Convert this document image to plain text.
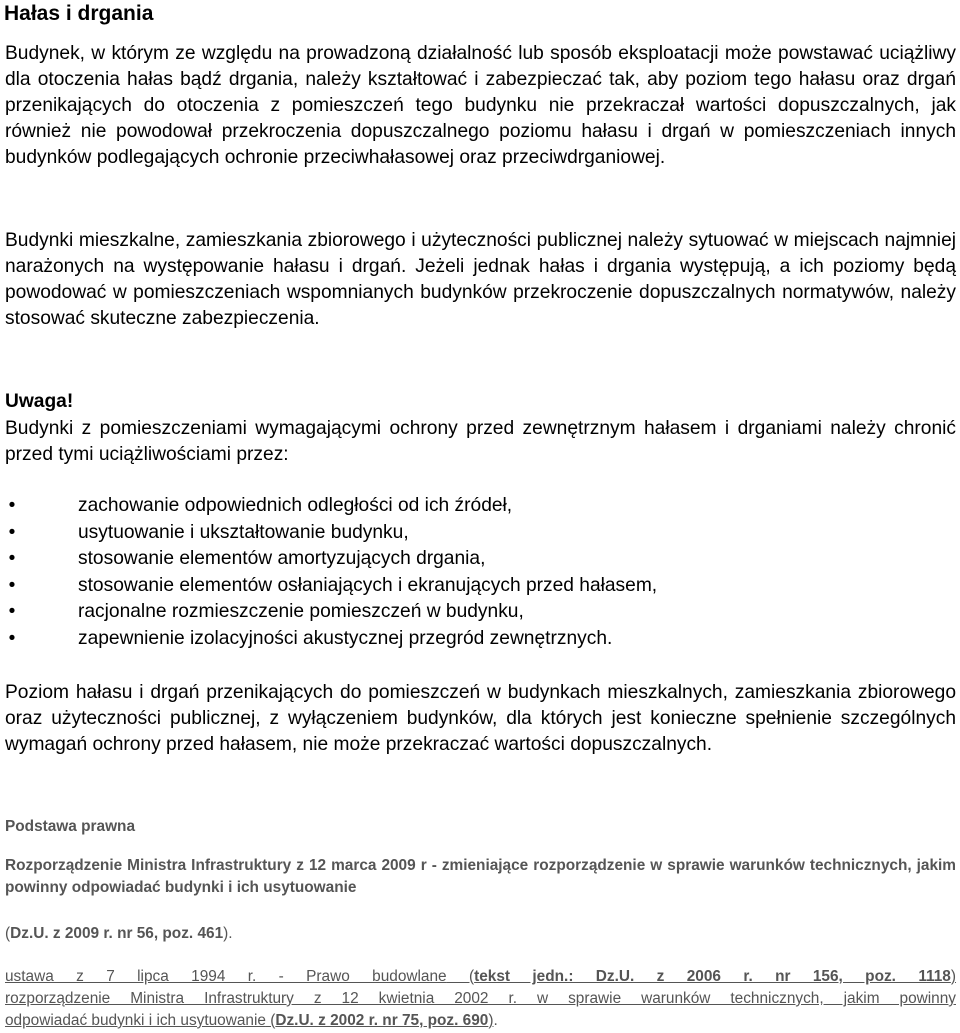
Hałas i drgania

Budynek, w którym ze względu na prowadzoną działalność lub sposób eksploatacji może powstawać uciążliwy dla otoczenia hałas bądź drgania, należy kształtować i zabezpieczać tak, aby poziom tego hałasu oraz drgań przenikających do otoczenia z pomieszczeń tego budynku nie przekraczał wartości dopuszczalnych, jak również nie powodował przekroczenia dopuszczalnego poziomu hałasu i drgań w pomieszczeniach innych budynków podlegających ochronie przeciwhałasowej oraz przeciwdrganiowej.

Budynki mieszkalne, zamieszkania zbiorowego i użyteczności publicznej należy sytuować w miejscach najmniej narażonych na występowanie hałasu i drgań. Jeżeli jednak hałas i drgania występują, a ich poziomy będą powodować w pomieszczeniach wspomnianych budynków przekroczenie dopuszczalnych normatywów, należy stosować skuteczne zabezpieczenia.

Uwaga!

Budynki z pomieszczeniami wymagającymi ochrony przed zewnętrznym hałasem i drganiami należy chronić przed tymi uciążliwościami przez:

•	zachowanie odpowiednich odległości od ich źródeł,
•	usytuowanie i ukształtowanie budynku,
•	stosowanie elementów amortyzujących drgania,
•	stosowanie elementów osłaniających i ekranujących przed hałasem,
•	racjonalne rozmieszczenie pomieszczeń w budynku,
•	zapewnienie izolacyjności akustycznej przegród zewnętrznych.

Poziom hałasu i drgań przenikających do pomieszczeń w budynkach mieszkalnych, zamieszkania zbiorowego oraz użyteczności publicznej, z wyłączeniem budynków, dla których jest konieczne spełnienie szczególnych wymagań ochrony przed hałasem, nie może przekraczać wartości dopuszczalnych.

Podstawa prawna

Rozporządzenie Ministra Infrastruktury z 12 marca 2009 r - zmieniające rozporządzenie w sprawie warunków technicznych, jakim powinny odpowiadać budynki i ich usytuowanie

(Dz.U. z 2009 r. nr 56, poz. 461).

ustawa z 7 lipca 1994 r. - Prawo budowlane (tekst jedn.: Dz.U. z 2006 r. nr 156, poz. 1118)

rozporządzenie Ministra Infrastruktury z 12 kwietnia 2002 r. w sprawie warunków technicznych, jakim powinny

odpowiadać budynki i ich usytuowanie (Dz.U. z 2002 r. nr 75, poz. 690).
